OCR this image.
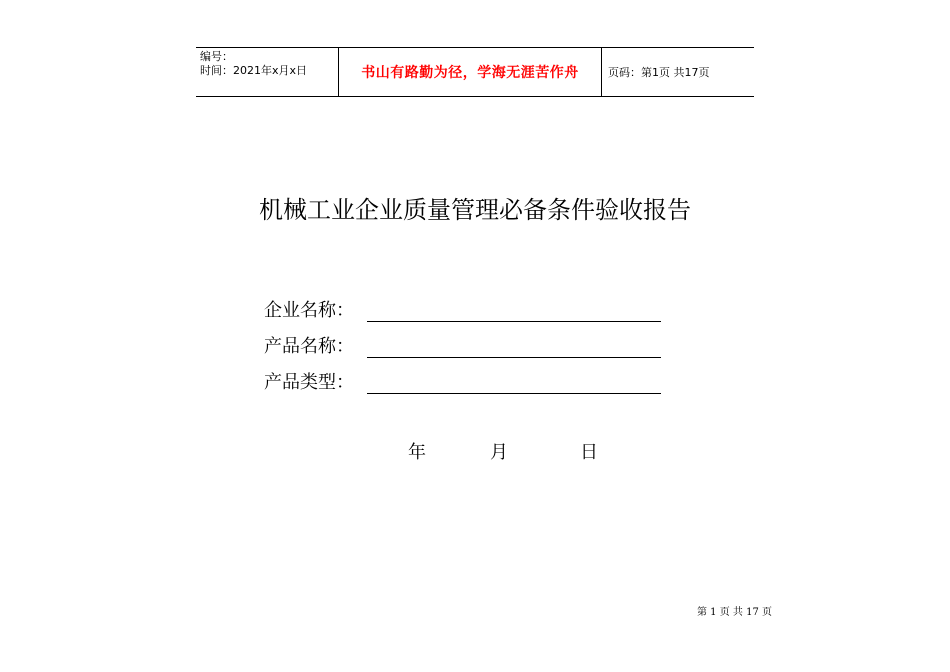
编号：
时间：2021年x月x日	书山有路勤为径，学海无涯苦作舟	页码：第1页 共17页
机械工业企业质量管理必备条件验收报告
企业名称：
产品名称：
产品类型：
年	月	日
第 1 页 共 17 页
